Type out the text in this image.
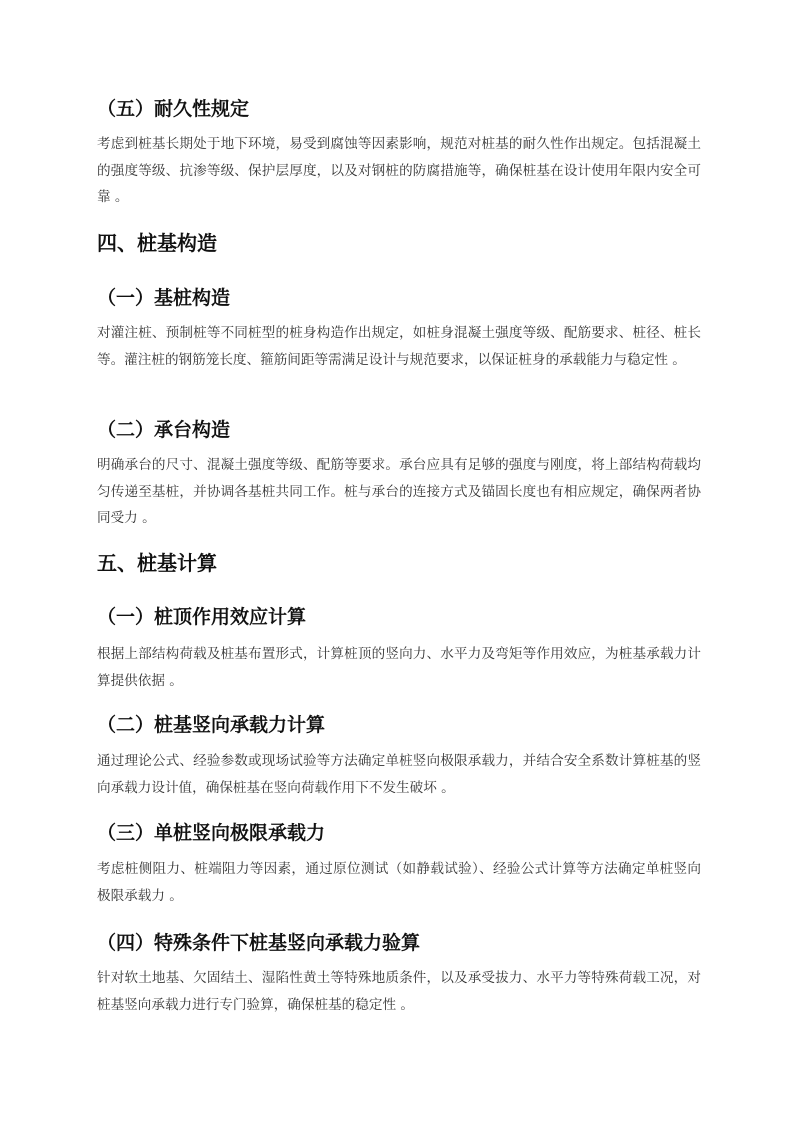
（五）耐久性规定

考虑到桩基长期处于地下环境，易受到腐蚀等因素影响，规范对桩基的耐久性作出规定。包括混凝土的强度等级、抗渗等级、保护层厚度，以及对钢桩的防腐措施等，确保桩基在设计使用年限内安全可靠 。

四、桩基构造
（一）基桩构造

对灌注桩、预制桩等不同桩型的桩身构造作出规定，如桩身混凝土强度等级、配筋要求、桩径、桩长等。灌注桩的钢筋笼长度、箍筋间距等需满足设计与规范要求，以保证桩身的承载能力与稳定性 。

（二）承台构造

明确承台的尺寸、混凝土强度等级、配筋等要求。承台应具有足够的强度与刚度，将上部结构荷载均匀传递至基桩，并协调各基桩共同工作。桩与承台的连接方式及锚固长度也有相应规定，确保两者协同受力 。

五、桩基计算
（一）桩顶作用效应计算

根据上部结构荷载及桩基布置形式，计算桩顶的竖向力、水平力及弯矩等作用效应，为桩基承载力计算提供依据 。

（二）桩基竖向承载力计算

通过理论公式、经验参数或现场试验等方法确定单桩竖向极限承载力，并结合安全系数计算桩基的竖向承载力设计值，确保桩基在竖向荷载作用下不发生破坏 。

（三）单桩竖向极限承载力

考虑桩侧阻力、桩端阻力等因素，通过原位测试（如静载试验）、经验公式计算等方法确定单桩竖向极限承载力 。

（四）特殊条件下桩基竖向承载力验算

针对软土地基、欠固结土、湿陷性黄土等特殊地质条件，以及承受拔力、水平力等特殊荷载工况，对桩基竖向承载力进行专门验算，确保桩基的稳定性 。
